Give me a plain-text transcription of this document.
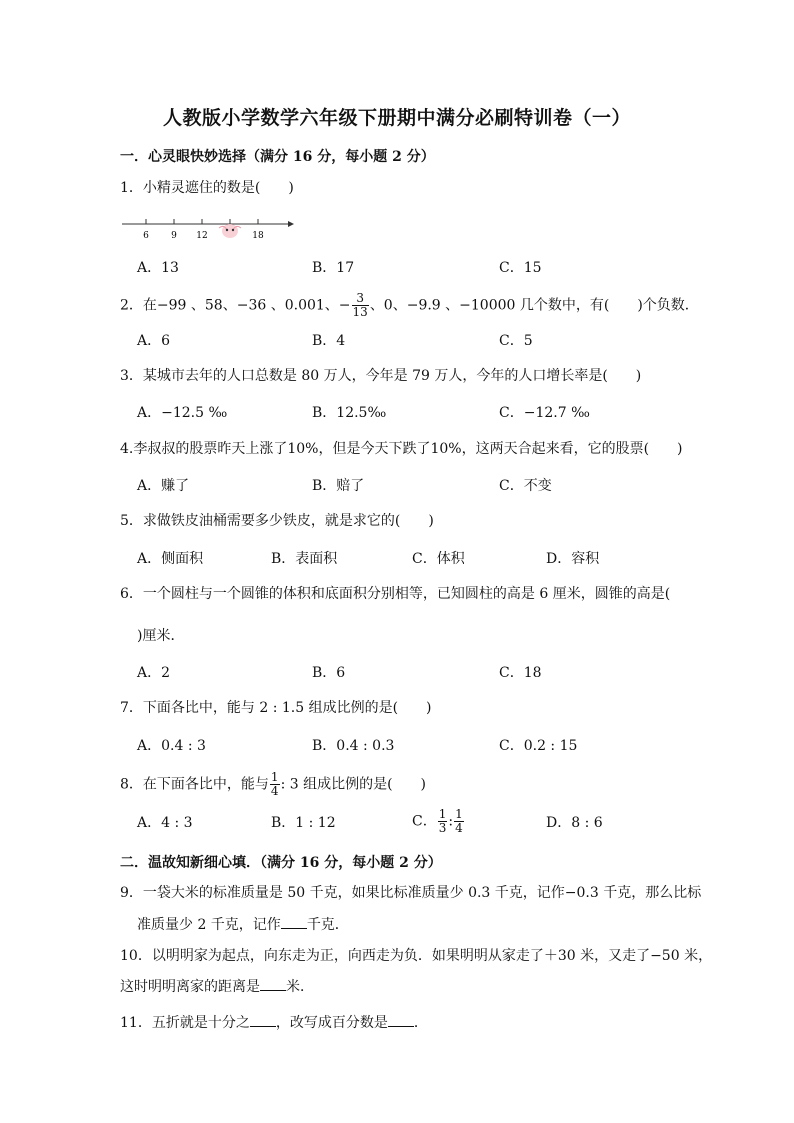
人教版小学数学六年级下册期中满分必刷特训卷（一）
一．心灵眼快妙选择（满分 16 分，每小题 2 分）
1．小精灵遮住的数是(　　)
6 9 12	18
A．13	B．17	C．15
2．在−99 、58、−36 、0.001、− $\frac{3}{13}$ 、0、−9.9 、−10000 几个数中，有(　　)个负数．
A．6	B．4	C．5
3．某城市去年的人口总数是 80 万人，今年是 79 万人，今年的人口增长率是(　　)
A．−12.5 ‰	B．12.5‰	C．−12.7 ‰
4.李叔叔的股票昨天上涨了10%，但是今天下跌了10%，这两天合起来看，它的股票(　　)
A．赚了	B．赔了	C．不变
5．求做铁皮油桶需要多少铁皮，就是求它的(　　)
A．侧面积	B．表面积	C．体积	D．容积
6．一个圆柱与一个圆锥的体积和底面积分别相等，已知圆柱的高是 6 厘米，圆锥的高是(
)厘米．
A．2	B．6	C．18
7．下面各比中，能与 2 : 1.5 组成比例的是(　　)
A．0.4 : 3	B．0.4 : 0.3	C．0.2 : 15
8．在下面各比中，能与 $\frac{1}{4}$ : 3 组成比例的是(　　)
A．4 : 3	B．1 : 12	C． $\frac{1}{3}$ : $\frac{1}{4}$	D．8 : 6
二．温故知新细心填．（满分 16 分，每小题 2 分）
9．一袋大米的标准质量是 50 千克，如果比标准质量少 0.3 千克，记作−0.3 千克，那么比标
准质量少 2 千克，记作 千克．
10．以明明家为起点，向东走为正，向西走为负．如果明明从家走了＋30 米，又走了−50 米，
这时明明离家的距离是 米．
11．五折就是十分之 ，改写成百分数是 ．
